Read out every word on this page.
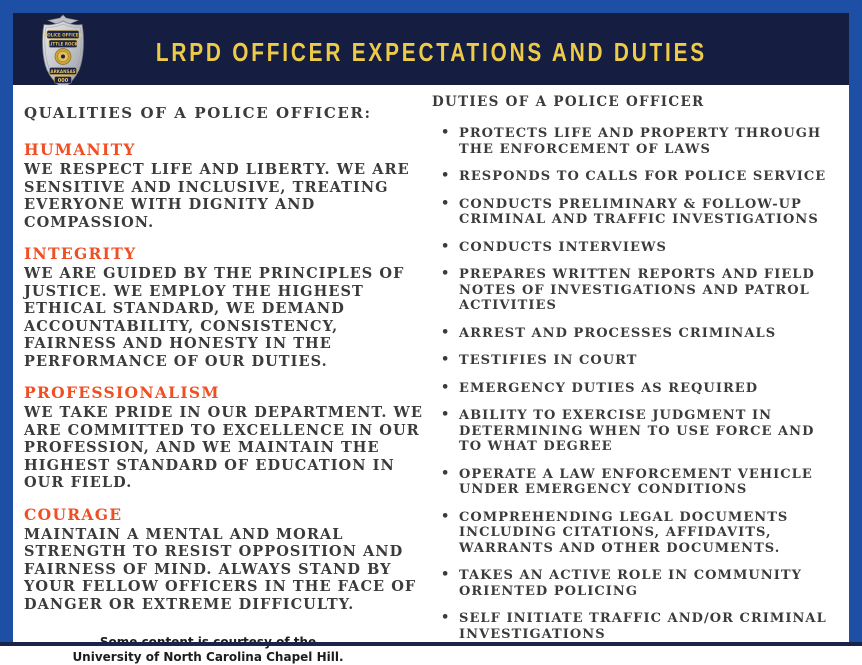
POLICE OFFICER
LITTLE ROCK
ARKANSAS
000
LRPD OFFICER EXPECTATIONS AND DUTIES
QUALITIES OF A POLICE OFFICER:
HUMANITY

WE RESPECT LIFE AND LIBERTY. WE ARE SENSITIVE AND INCLUSIVE, TREATING EVERYONE WITH DIGNITY AND COMPASSION.

INTEGRITY

WE ARE GUIDED BY THE PRINCIPLES OF JUSTICE. WE EMPLOY THE HIGHEST ETHICAL STANDARD, WE DEMAND ACCOUNTABILITY, CONSISTENCY, FAIRNESS AND HONESTY IN THE PERFORMANCE OF OUR DUTIES.

PROFESSIONALISM

WE TAKE PRIDE IN OUR DEPARTMENT. WE ARE COMMITTED TO EXCELLENCE IN OUR PROFESSION, AND WE MAINTAIN THE HIGHEST STANDARD OF EDUCATION IN OUR FIELD.

COURAGE

MAINTAIN A MENTAL AND MORAL STRENGTH TO RESIST OPPOSITION AND FAIRNESS OF MIND. ALWAYS STAND BY YOUR FELLOW OFFICERS IN THE FACE OF DANGER OR EXTREME DIFFICULTY.

University of North Carolina Chapel Hill.
DUTIES OF A POLICE OFFICER
• PROTECTS LIFE AND PROPERTY THROUGH THE ENFORCEMENT OF LAWS
• RESPONDS TO CALLS FOR POLICE SERVICE
• CONDUCTS PRELIMINARY & FOLLOW-UP CRIMINAL AND TRAFFIC INVESTIGATIONS
• CONDUCTS INTERVIEWS
• PREPARES WRITTEN REPORTS AND FIELD NOTES OF INVESTIGATIONS AND PATROL ACTIVITIES
• ARREST AND PROCESSES CRIMINALS
• TESTIFIES IN COURT
• EMERGENCY DUTIES AS REQUIRED
• ABILITY TO EXERCISE JUDGMENT IN DETERMINING WHEN TO USE FORCE AND TO WHAT DEGREE
• OPERATE A LAW ENFORCEMENT VEHICLE UNDER EMERGENCY CONDITIONS
• COMPREHENDING LEGAL DOCUMENTS INCLUDING CITATIONS, AFFIDAVITS, WARRANTS AND OTHER DOCUMENTS.
• TAKES AN ACTIVE ROLE IN COMMUNITY ORIENTED POLICING
• SELF INITIATE TRAFFIC AND/OR CRIMINAL INVESTIGATIONS
